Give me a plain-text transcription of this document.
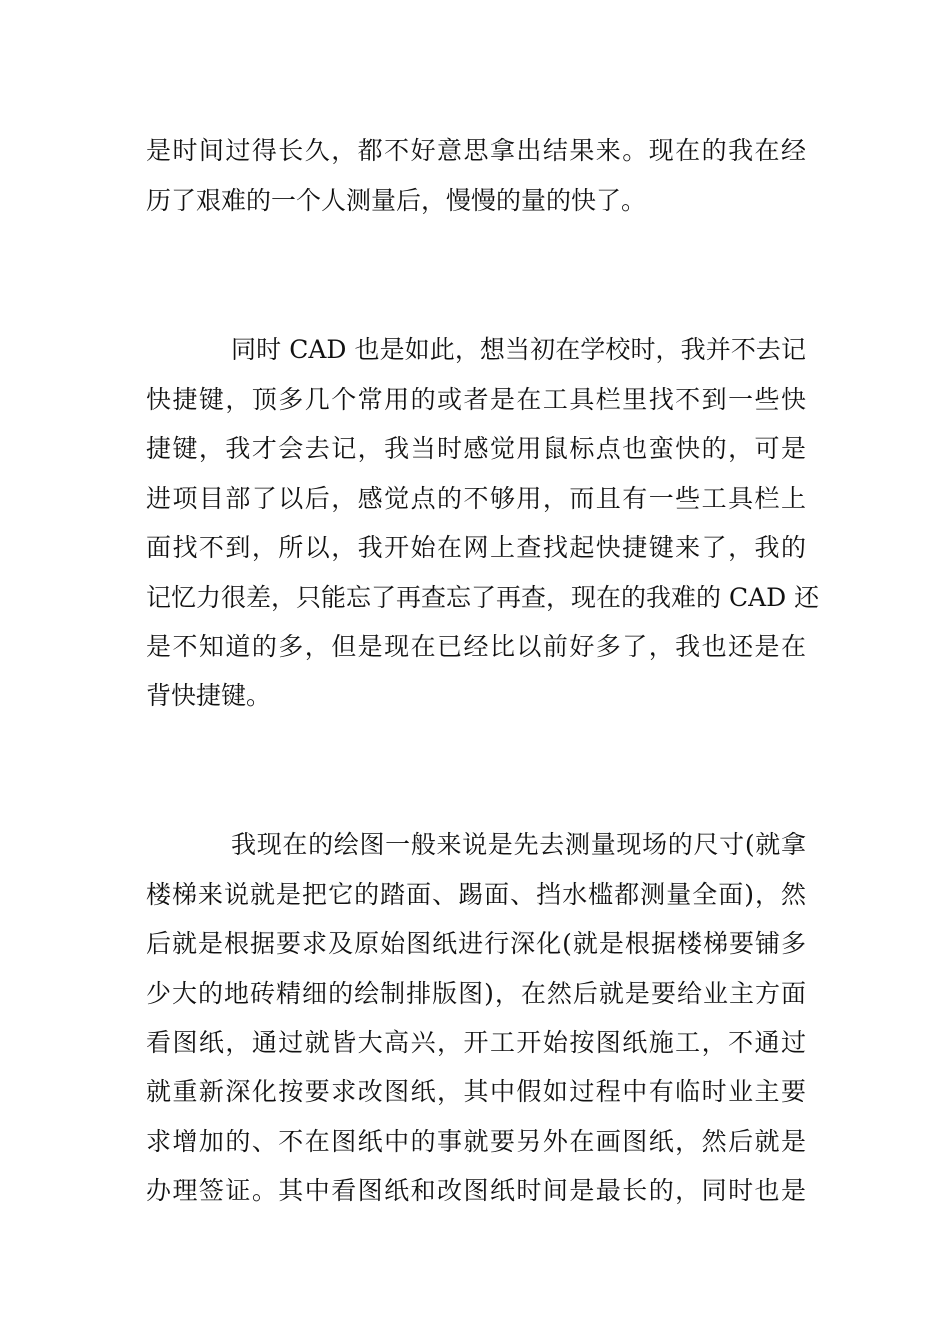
是时间过得长久，都不好意思拿出结果来。现在的我在经
历了艰难的一个人测量后，慢慢的量的快了。
同时 CAD 也是如此，想当初在学校时，我并不去记
快捷键，顶多几个常用的或者是在工具栏里找不到一些快
捷键，我才会去记，我当时感觉用鼠标点也蛮快的，可是
进项目部了以后，感觉点的不够用，而且有一些工具栏上
面找不到，所以，我开始在网上查找起快捷键来了，我的
记忆力很差，只能忘了再查忘了再查，现在的我难的 CAD 还
是不知道的多，但是现在已经比以前好多了，我也还是在
背快捷键。
我现在的绘图一般来说是先去测量现场的尺寸(就拿
楼梯来说就是把它的踏面、踢面、挡水槛都测量全面)，然
后就是根据要求及原始图纸进行深化(就是根据楼梯要铺多
少大的地砖精细的绘制排版图)，在然后就是要给业主方面
看图纸，通过就皆大高兴，开工开始按图纸施工，不通过
就重新深化按要求改图纸，其中假如过程中有临时业主要
求增加的、不在图纸中的事就要另外在画图纸，然后就是
办理签证。其中看图纸和改图纸时间是最长的，同时也是
